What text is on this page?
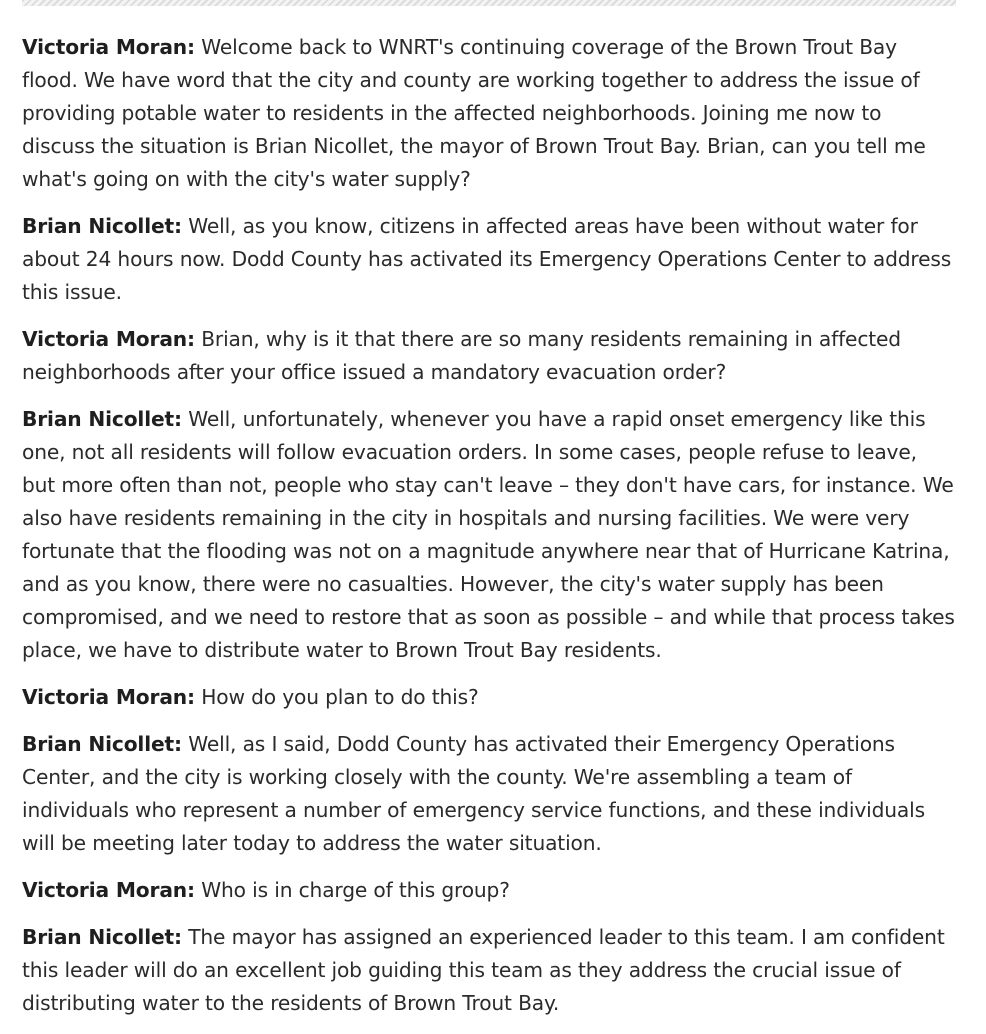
Victoria Moran: Welcome back to WNRT's continuing coverage of the Brown Trout Bay flood. We have word that the city and county are working together to address the issue of providing potable water to residents in the affected neighborhoods. Joining me now to discuss the situation is Brian Nicollet, the mayor of Brown Trout Bay. Brian, can you tell me what's going on with the city's water supply?

Brian Nicollet: Well, as you know, citizens in affected areas have been without water for about 24 hours now. Dodd County has activated its Emergency Operations Center to address this issue.

Victoria Moran: Brian, why is it that there are so many residents remaining in affected neighborhoods after your office issued a mandatory evacuation order?

Brian Nicollet: Well, unfortunately, whenever you have a rapid onset emergency like this one, not all residents will follow evacuation orders. In some cases, people refuse to leave, but more often than not, people who stay can't leave – they don't have cars, for instance. We also have residents remaining in the city in hospitals and nursing facilities. We were very fortunate that the flooding was not on a magnitude anywhere near that of Hurricane Katrina, and as you know, there were no casualties. However, the city's water supply has been compromised, and we need to restore that as soon as possible – and while that process takes place, we have to distribute water to Brown Trout Bay residents.

Victoria Moran: How do you plan to do this?

Brian Nicollet: Well, as I said, Dodd County has activated their Emergency Operations Center, and the city is working closely with the county. We're assembling a team of individuals who represent a number of emergency service functions, and these individuals will be meeting later today to address the water situation.

Victoria Moran: Who is in charge of this group?

Brian Nicollet: The mayor has assigned an experienced leader to this team. I am confident this leader will do an excellent job guiding this team as they address the crucial issue of distributing water to the residents of Brown Trout Bay.
